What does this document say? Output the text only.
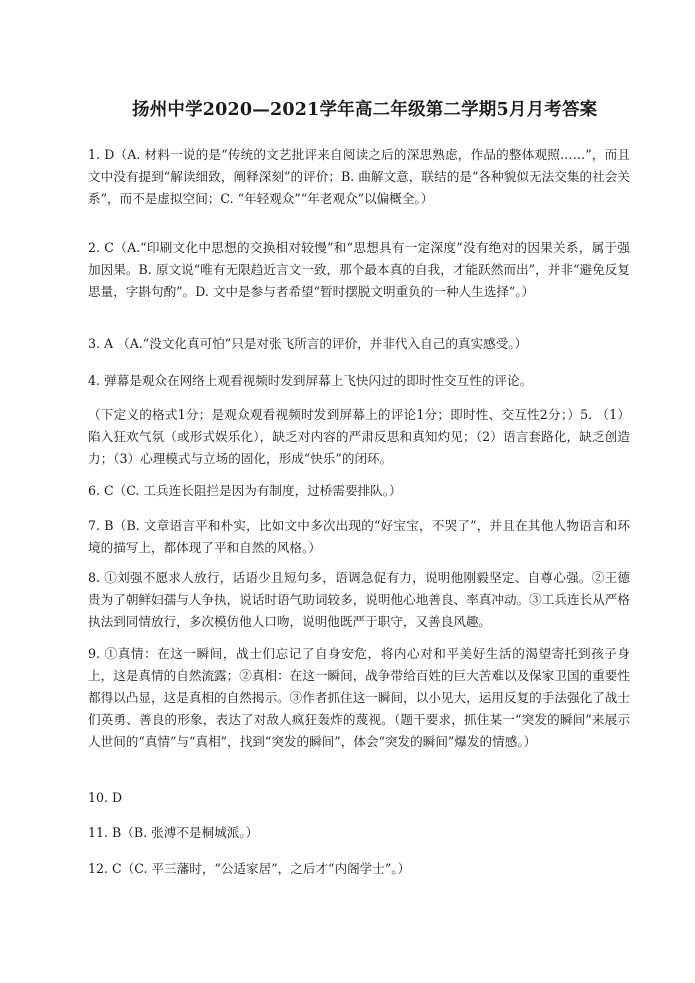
扬州中学2020—2021学年高二年级第二学期5月月考答案

1. D（A. 材料一说的是“传统的文艺批评来自阅读之后的深思熟虑，作品的整体观照……”，而且文中没有提到“解读细致，阐释深刻”的评价；B. 曲解文意，联结的是“各种貌似无法交集的社会关系”，而不是虚拟空间；C. “年轻观众”“年老观众”以偏概全。）

2. C（A.“印刷文化中思想的交换相对较慢”和“思想具有一定深度”没有绝对的因果关系，属于强加因果。B. 原文说“唯有无限趋近言文一致，那个最本真的自我，才能跃然而出”，并非“避免反复思量，字斟句酌”。D. 文中是参与者希望“暂时摆脱文明重负的一种人生选择”。）

3. A （A.“没文化真可怕”只是对张飞所言的评价，并非代入自己的真实感受。）

4. 弹幕是观众在网络上观看视频时发到屏幕上飞快闪过的即时性交互性的评论。

（下定义的格式1分；是观众观看视频时发到屏幕上的评论1分；即时性、交互性2分；）5. （1）陷入狂欢气氛（或形式娱乐化），缺乏对内容的严肃反思和真知灼见；（2）语言套路化，缺乏创造力；（3）心理模式与立场的固化，形成“快乐”的闭环。

6. C（C. 工兵连长阻拦是因为有制度，过桥需要排队。）

7. B（B. 文章语言平和朴实，比如文中多次出现的“好宝宝，不哭了”，并且在其他人物语言和环境的描写上，都体现了平和自然的风格。）

8. ①刘强不愿求人放行，话语少且短句多，语调急促有力，说明他刚毅坚定、自尊心强。②王德贵为了朝鲜妇孺与人争执，说话时语气助词较多，说明他心地善良、率真冲动。③工兵连长从严格执法到同情放行，多次模仿他人口吻，说明他既严于职守，又善良风趣。

9. ①真情：在这一瞬间，战士们忘记了自身安危，将内心对和平美好生活的渴望寄托到孩子身上，这是真情的自然流露；②真相：在这一瞬间，战争带给百姓的巨大苦难以及保家卫国的重要性都得以凸显，这是真相的自然揭示。③作者抓住这一瞬间，以小见大，运用反复的手法强化了战士们英勇、善良的形象，表达了对敌人疯狂轰炸的蔑视。（题干要求，抓住某一“突发的瞬间”来展示人世间的“真情”与“真相”，找到“突发的瞬间”，体会“突发的瞬间”爆发的情感。）

10. D

11. B（B. 张溥不是桐城派。）

12. C（C. 平三藩时，“公适家居”，之后才“内阁学士”。）
